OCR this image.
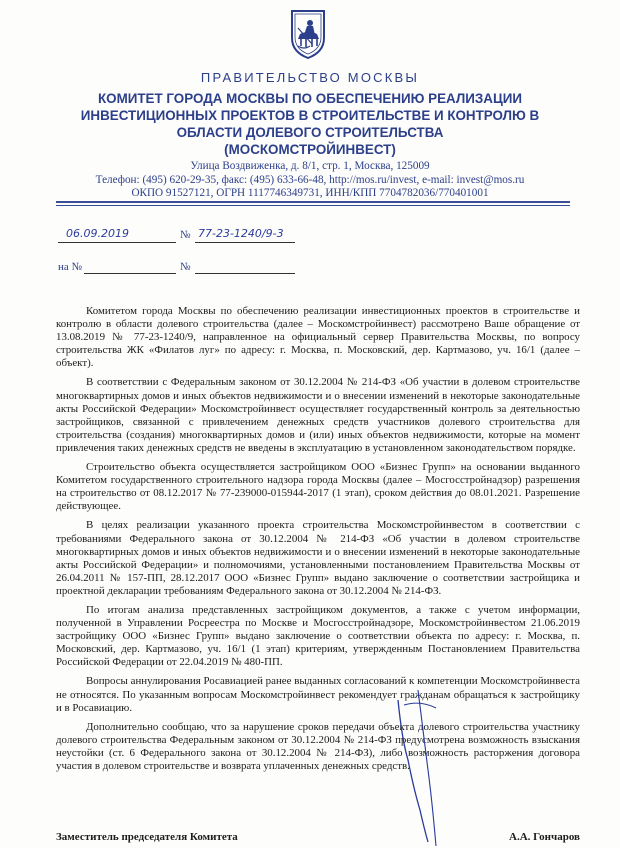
ПРАВИТЕЛЬСТВО МОСКВЫ
КОМИТЕТ ГОРОДА МОСКВЫ ПО ОБЕСПЕЧЕНИЮ РЕАЛИЗАЦИИ
ИНВЕСТИЦИОННЫХ ПРОЕКТОВ В СТРОИТЕЛЬСТВЕ И КОНТРОЛЮ В
ОБЛАСТИ ДОЛЕВОГО СТРОИТЕЛЬСТВА
(МОСКОМСТРОЙИНВЕСТ)
Улица Воздвиженка, д. 8/1, стр. 1, Москва, 125009
Телефон: (495) 620-29-35, факс: (495) 633-66-48, http://mos.ru/invest, e-mail: invest@mos.ru
ОКПО 91527121, ОГРН 1117746349731, ИНН/КПП 7704782036/770401001
06.09.2019	№ 77-23-1240/9-3
на №	№

Комитетом города Москвы по обеспечению реализации инвестиционных проектов в строительстве и контролю в области долевого строительства (далее – Москомстройинвест) рассмотрено Ваше обращение от 13.08.2019 № 77-23-1240/9, направленное на официальный сервер Правительства Москвы, по вопросу строительства ЖК «Филатов луг» по адресу: г. Москва, п. Московский, дер. Картмазово, уч. 16/1 (далее – объект).

В соответствии с Федеральным законом от 30.12.2004 № 214-ФЗ «Об участии в долевом строительстве многоквартирных домов и иных объектов недвижимости и о внесении изменений в некоторые законодательные акты Российской Федерации» Москомстройинвест осуществляет государственный контроль за деятельностью застройщиков, связанной с привлечением денежных средств участников долевого строительства для строительства (создания) многоквартирных домов и (или) иных объектов недвижимости, которые на момент привлечения таких денежных средств не введены в эксплуатацию в установленном законодательством порядке.

Строительство объекта осуществляется застройщиком ООО «Бизнес Групп» на основании выданного Комитетом государственного строительного надзора города Москвы (далее – Мосгосстройнадзор) разрешения на строительство от 08.12.2017 № 77-239000-015944-2017 (1 этап), сроком действия до 08.01.2021. Разрешение действующее.

В целях реализации указанного проекта строительства Москомстройинвестом в соответствии с требованиями Федерального закона от 30.12.2004 № 214-ФЗ «Об участии в долевом строительстве многоквартирных домов и иных объектов недвижимости и о внесении изменений в некоторые законодательные акты Российской Федерации» и полномочиями, установленными постановлением Правительства Москвы от 26.04.2011 № 157-ПП, 28.12.2017 ООО «Бизнес Групп» выдано заключение о соответствии застройщика и проектной декларации требованиям Федерального закона от 30.12.2004 № 214-ФЗ.

По итогам анализа представленных застройщиком документов, а также с учетом информации, полученной в Управлении Росреестра по Москве и Мосгосстройнадзоре, Москомстройинвестом 21.06.2019 застройщику ООО «Бизнес Групп» выдано заключение о соответствии объекта по адресу: г. Москва, п. Московский, дер. Картмазово, уч. 16/1 (1 этап) критериям, утвержденным Постановлением Правительства Российской Федерации от 22.04.2019 № 480-ПП.

Вопросы аннулирования Росавиацией ранее выданных согласований к компетенции Москомстройинвеста не относятся. По указанным вопросам Москомстройинвест рекомендует гражданам обращаться к застройщику и в Росавиацию.

Дополнительно сообщаю, что за нарушение сроков передачи объекта долевого строительства участнику долевого строительства Федеральным законом от 30.12.2004 № 214-ФЗ предусмотрена возможность взыскания неустойки (ст. 6 Федерального закона от 30.12.2004 № 214-ФЗ), либо возможность расторжения договора участия в долевом строительстве и возврата уплаченных денежных средств.

Заместитель председателя Комитета	А.А. Гончаров
